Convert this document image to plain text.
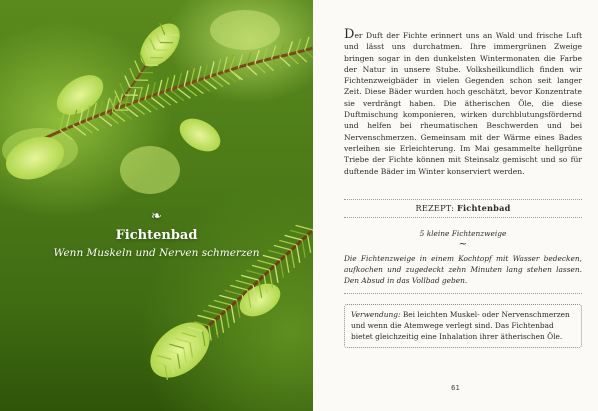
❧
Fichtenbad
Wenn Muskeln und Nerven schmerzen

Der Duft der Fichte erinnert uns an Wald und frische Luft und lässt uns durchatmen. Ihre immergrünen Zweige bringen sogar in den dunkelsten Wintermonaten die Farbe der Natur in unsere Stube. Volksheilkundlich finden wir Fichtenzweigbäder in vielen Gegenden schon seit langer Zeit. Diese Bäder wurden hoch geschätzt, bevor Konzentrate sie verdrängt haben. Die ätherischen Öle, die diese Duftmischung komponieren, wirken durchblutungsfördernd und helfen bei rheumatischen Beschwerden und bei Nervenschmerzen. Gemeinsam mit der Wärme eines Bades verleihen sie Erleichterung. Im Mai gesammelte hellgrüne Triebe der Fichte können mit Steinsalz gemischt und so für duftende Bäder im Winter konserviert werden.

REZEPT: Fichtenbad
5 kleine Fichtenzweige
~

Die Fichtenzweige in einem Kochtopf mit Wasser bedecken, aufkochen und zugedeckt zehn Minuten lang stehen lassen. Den Absud in das Vollbad geben.

Verwendung: Bei leichten Muskel- oder Nervenschmerzen und wenn die Atemwege verlegt sind. Das Fichtenbad bietet gleichzeitig eine Inhalation ihrer ätherischen Öle.
61
